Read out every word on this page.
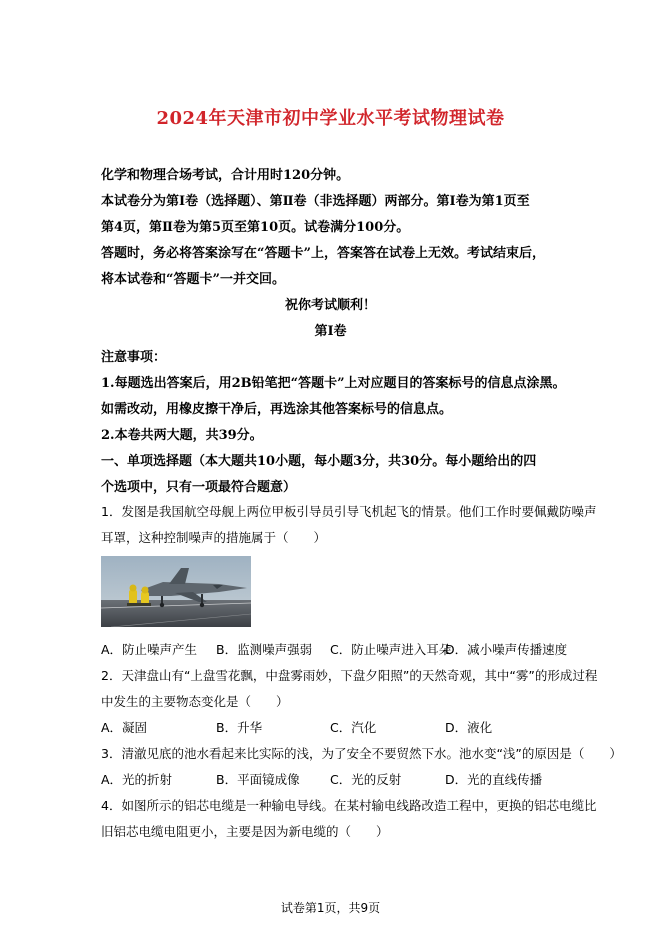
2024年天津市初中学业水平考试物理试卷
化学和物理合场考试，合计用时120分钟。
本试卷分为第Ⅰ卷（选择题）、第Ⅱ卷（非选择题）两部分。第Ⅰ卷为第1页至
第4页，第Ⅱ卷为第5页至第10页。试卷满分100分。
答题时，务必将答案涂写在“答题卡”上，答案答在试卷上无效。考试结束后，
将本试卷和“答题卡”一并交回。
祝你考试顺利！
第Ⅰ卷
注意事项：
1.每题选出答案后，用2B铅笔把“答题卡”上对应题目的答案标号的信息点涂黑。
如需改动，用橡皮擦干净后，再选涂其他答案标号的信息点。
2.本卷共两大题，共39分。
一、单项选择题（本大题共10小题，每小题3分，共30分。每小题给出的四
个选项中，只有一项最符合题意）
1．发图是我国航空母舰上两位甲板引导员引导飞机起飞的情景。他们工作时要佩戴防噪声
耳罩，这种控制噪声的措施属于（　　）
A．防止噪声产生 B．监测噪声强弱 C．防止噪声进入耳朵
D．减小噪声传播速度
2．天津盘山有“上盘雪花飘，中盘雾雨妙，下盘夕阳照”的天然奇观，其中“雾”的形成过程
中发生的主要物态变化是（　　）
A．凝固	B．升华	C．汽化	D．液化
3．清澈见底的池水看起来比实际的浅，为了安全不要贸然下水。池水变“浅”的原因是（　　）
A．光的折射	B．平面镜成像 C．光的反射	D．光的直线传播
4．如图所示的铝芯电缆是一种输电导线。在某村输电线路改造工程中，更换的铝芯电缆比
旧铝芯电缆电阻更小，主要是因为新电缆的（　　）
试卷第1页，共9页
